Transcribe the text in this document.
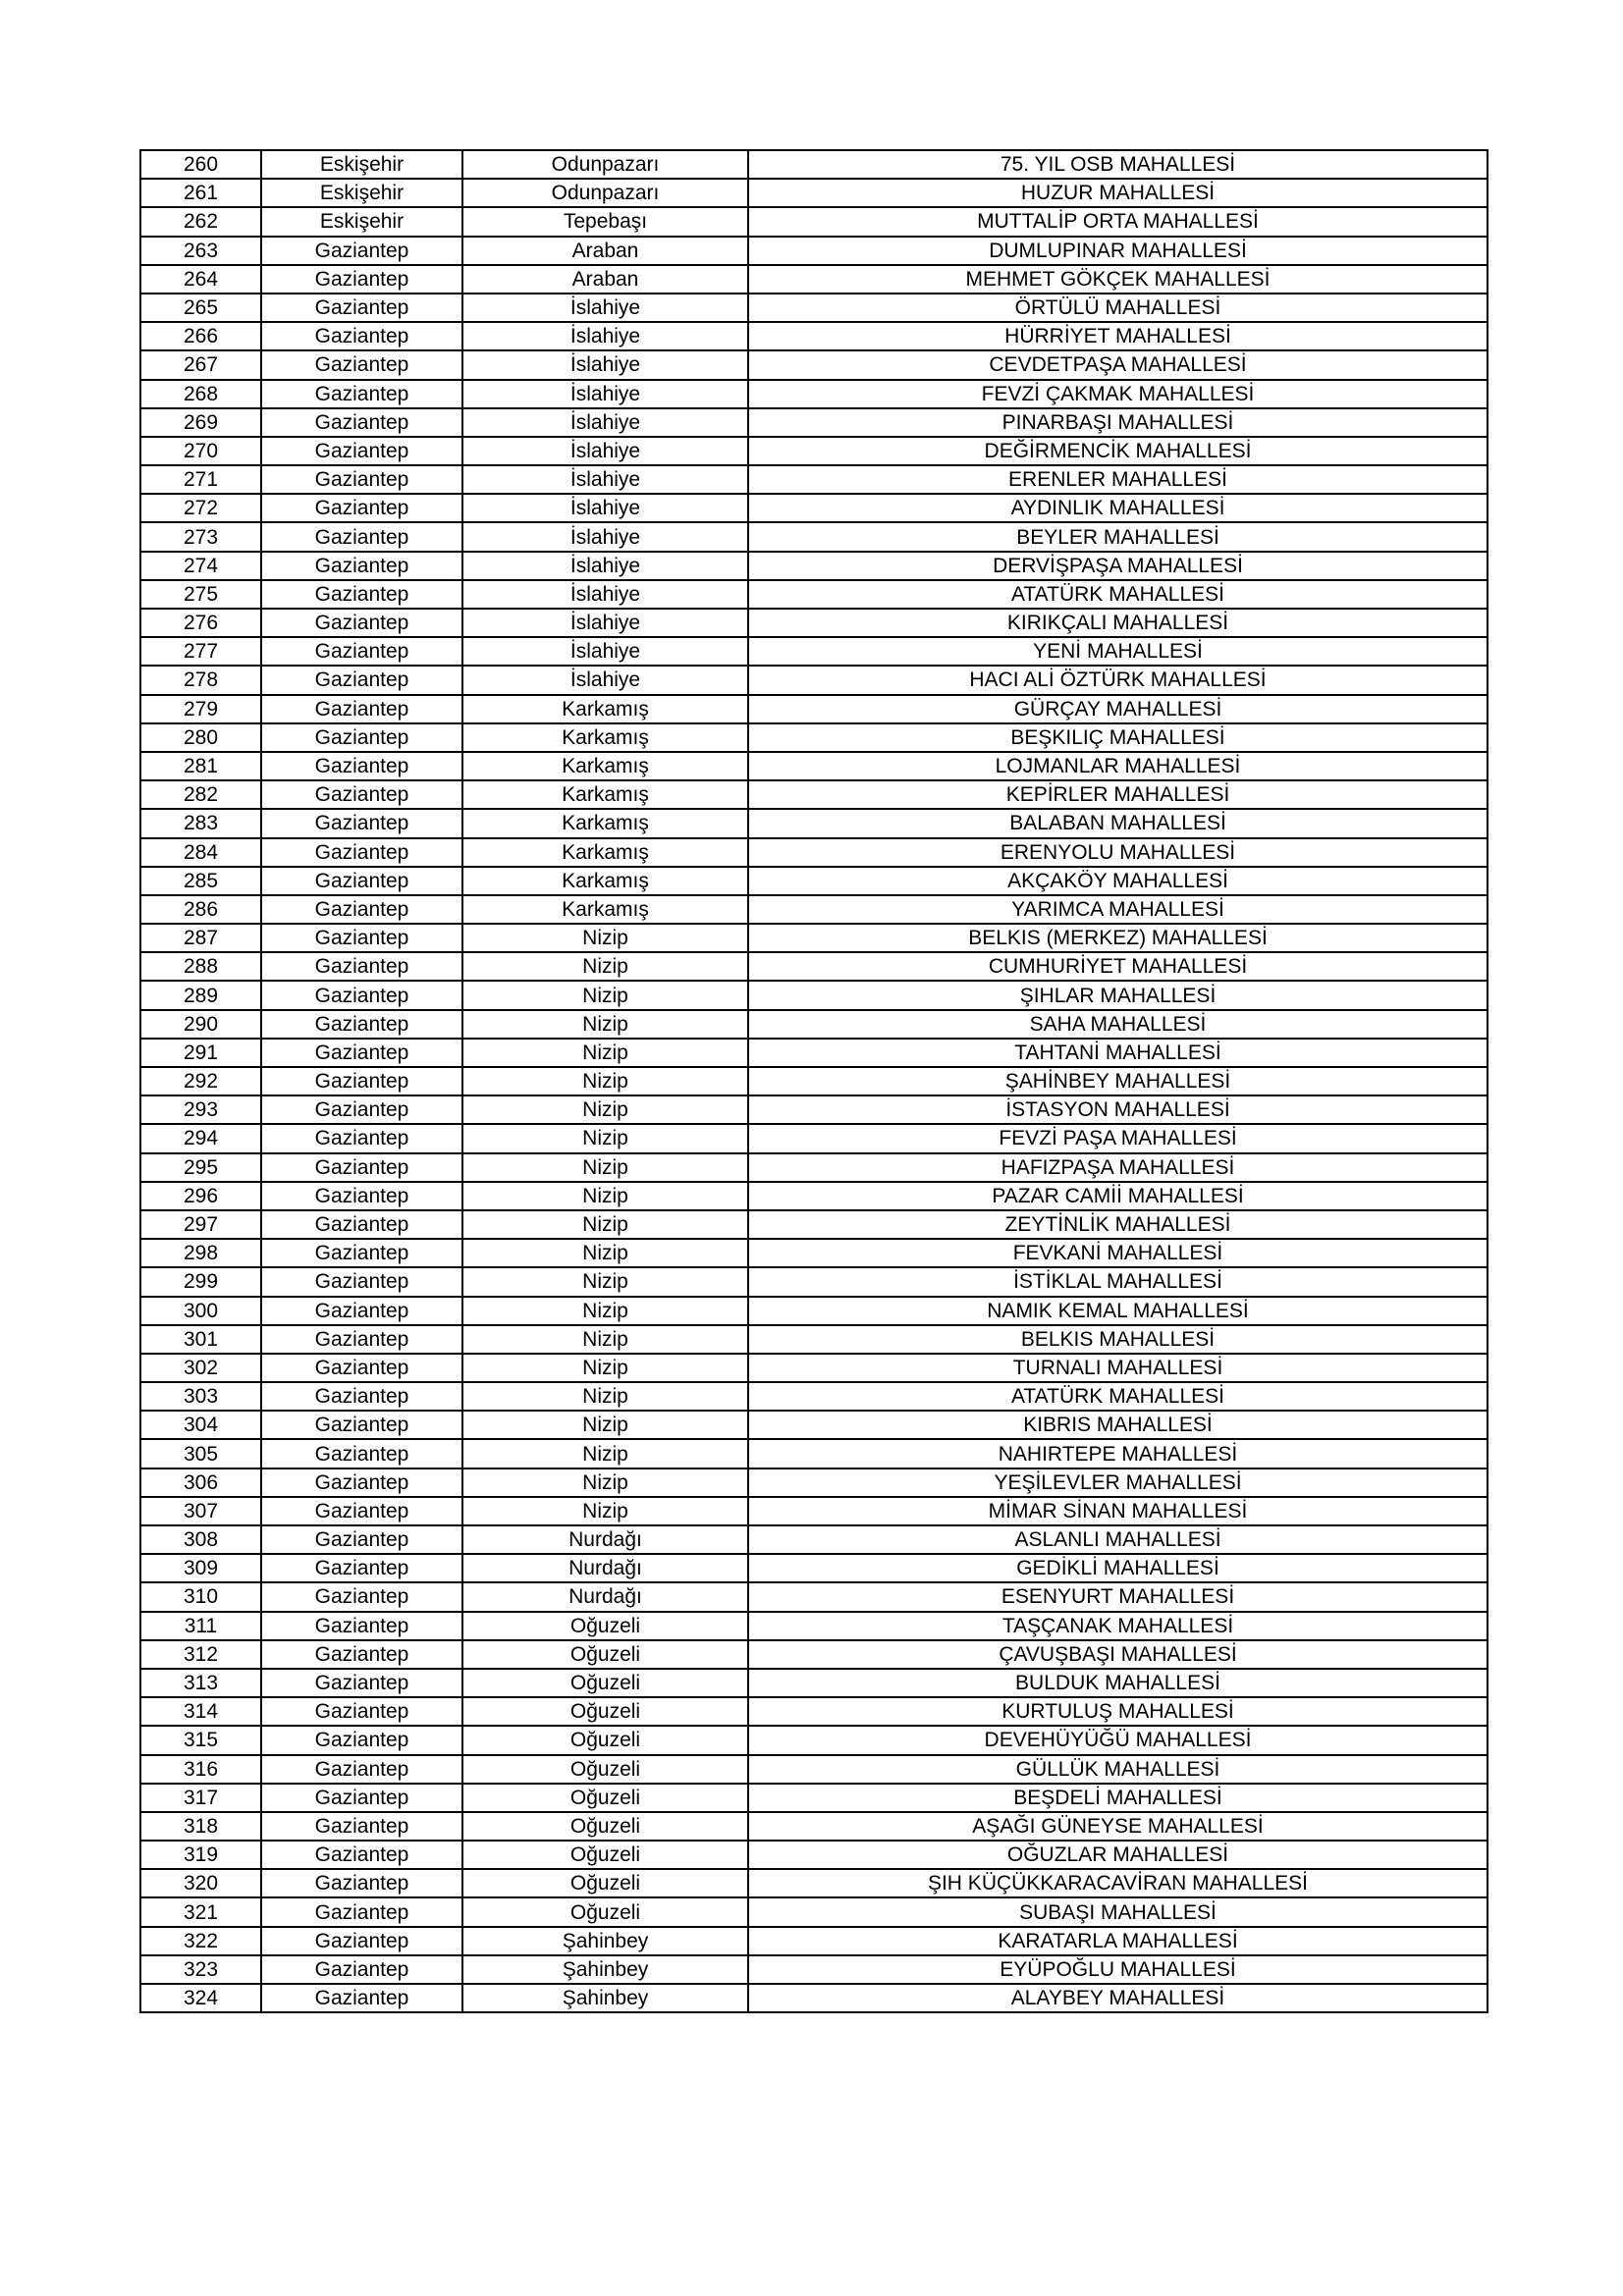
260	Eskişehir	Odunpazarı	75. YIL OSB MAHALLESİ
261	Eskişehir	Odunpazarı	HUZUR MAHALLESİ
262	Eskişehir	Tepebaşı	MUTTALİP ORTA MAHALLESİ
263	Gaziantep	Araban	DUMLUPINAR MAHALLESİ
264	Gaziantep	Araban	MEHMET GÖKÇEK MAHALLESİ
265	Gaziantep	İslahiye	ÖRTÜLÜ MAHALLESİ
266	Gaziantep	İslahiye	HÜRRİYET MAHALLESİ
267	Gaziantep	İslahiye	CEVDETPAŞA MAHALLESİ
268	Gaziantep	İslahiye	FEVZİ ÇAKMAK MAHALLESİ
269	Gaziantep	İslahiye	PINARBAŞI MAHALLESİ
270	Gaziantep	İslahiye	DEĞİRMENCİK MAHALLESİ
271	Gaziantep	İslahiye	ERENLER MAHALLESİ
272	Gaziantep	İslahiye	AYDINLIK MAHALLESİ
273	Gaziantep	İslahiye	BEYLER MAHALLESİ
274	Gaziantep	İslahiye	DERVİŞPAŞA MAHALLESİ
275	Gaziantep	İslahiye	ATATÜRK MAHALLESİ
276	Gaziantep	İslahiye	KIRIKÇALI MAHALLESİ
277	Gaziantep	İslahiye	YENİ MAHALLESİ
278	Gaziantep	İslahiye	HACI ALİ ÖZTÜRK MAHALLESİ
279	Gaziantep	Karkamış	GÜRÇAY MAHALLESİ
280	Gaziantep	Karkamış	BEŞKILIÇ MAHALLESİ
281	Gaziantep	Karkamış	LOJMANLAR MAHALLESİ
282	Gaziantep	Karkamış	KEPİRLER MAHALLESİ
283	Gaziantep	Karkamış	BALABAN MAHALLESİ
284	Gaziantep	Karkamış	ERENYOLU MAHALLESİ
285	Gaziantep	Karkamış	AKÇAKÖY MAHALLESİ
286	Gaziantep	Karkamış	YARIMCA MAHALLESİ
287	Gaziantep	Nizip	BELKIS (MERKEZ) MAHALLESİ
288	Gaziantep	Nizip	CUMHURİYET MAHALLESİ
289	Gaziantep	Nizip	ŞIHLAR MAHALLESİ
290	Gaziantep	Nizip	SAHA MAHALLESİ
291	Gaziantep	Nizip	TAHTANİ MAHALLESİ
292	Gaziantep	Nizip	ŞAHİNBEY MAHALLESİ
293	Gaziantep	Nizip	İSTASYON MAHALLESİ
294	Gaziantep	Nizip	FEVZİ PAŞA MAHALLESİ
295	Gaziantep	Nizip	HAFIZPAŞA MAHALLESİ
296	Gaziantep	Nizip	PAZAR CAMİİ MAHALLESİ
297	Gaziantep	Nizip	ZEYTİNLİK MAHALLESİ
298	Gaziantep	Nizip	FEVKANİ MAHALLESİ
299	Gaziantep	Nizip	İSTİKLAL MAHALLESİ
300	Gaziantep	Nizip	NAMIK KEMAL MAHALLESİ
301	Gaziantep	Nizip	BELKIS MAHALLESİ
302	Gaziantep	Nizip	TURNALI MAHALLESİ
303	Gaziantep	Nizip	ATATÜRK MAHALLESİ
304	Gaziantep	Nizip	KIBRIS MAHALLESİ
305	Gaziantep	Nizip	NAHIRTEPE MAHALLESİ
306	Gaziantep	Nizip	YEŞİLEVLER MAHALLESİ
307	Gaziantep	Nizip	MİMAR SİNAN MAHALLESİ
308	Gaziantep	Nurdağı	ASLANLI MAHALLESİ
309	Gaziantep	Nurdağı	GEDİKLİ MAHALLESİ
310	Gaziantep	Nurdağı	ESENYURT MAHALLESİ
311	Gaziantep	Oğuzeli	TAŞÇANAK MAHALLESİ
312	Gaziantep	Oğuzeli	ÇAVUŞBAŞI MAHALLESİ
313	Gaziantep	Oğuzeli	BULDUK MAHALLESİ
314	Gaziantep	Oğuzeli	KURTULUŞ MAHALLESİ
315	Gaziantep	Oğuzeli	DEVEHÜYÜĞÜ MAHALLESİ
316	Gaziantep	Oğuzeli	GÜLLÜK MAHALLESİ
317	Gaziantep	Oğuzeli	BEŞDELİ MAHALLESİ
318	Gaziantep	Oğuzeli	AŞAĞI GÜNEYSE MAHALLESİ
319	Gaziantep	Oğuzeli	OĞUZLAR MAHALLESİ
320	Gaziantep	Oğuzeli	ŞIH KÜÇÜKKARACAVİRAN MAHALLESİ
321	Gaziantep	Oğuzeli	SUBAŞI MAHALLESİ
322	Gaziantep	Şahinbey	KARATARLA MAHALLESİ
323	Gaziantep	Şahinbey	EYÜPOĞLU MAHALLESİ
324	Gaziantep	Şahinbey	ALAYBEY MAHALLESİ
